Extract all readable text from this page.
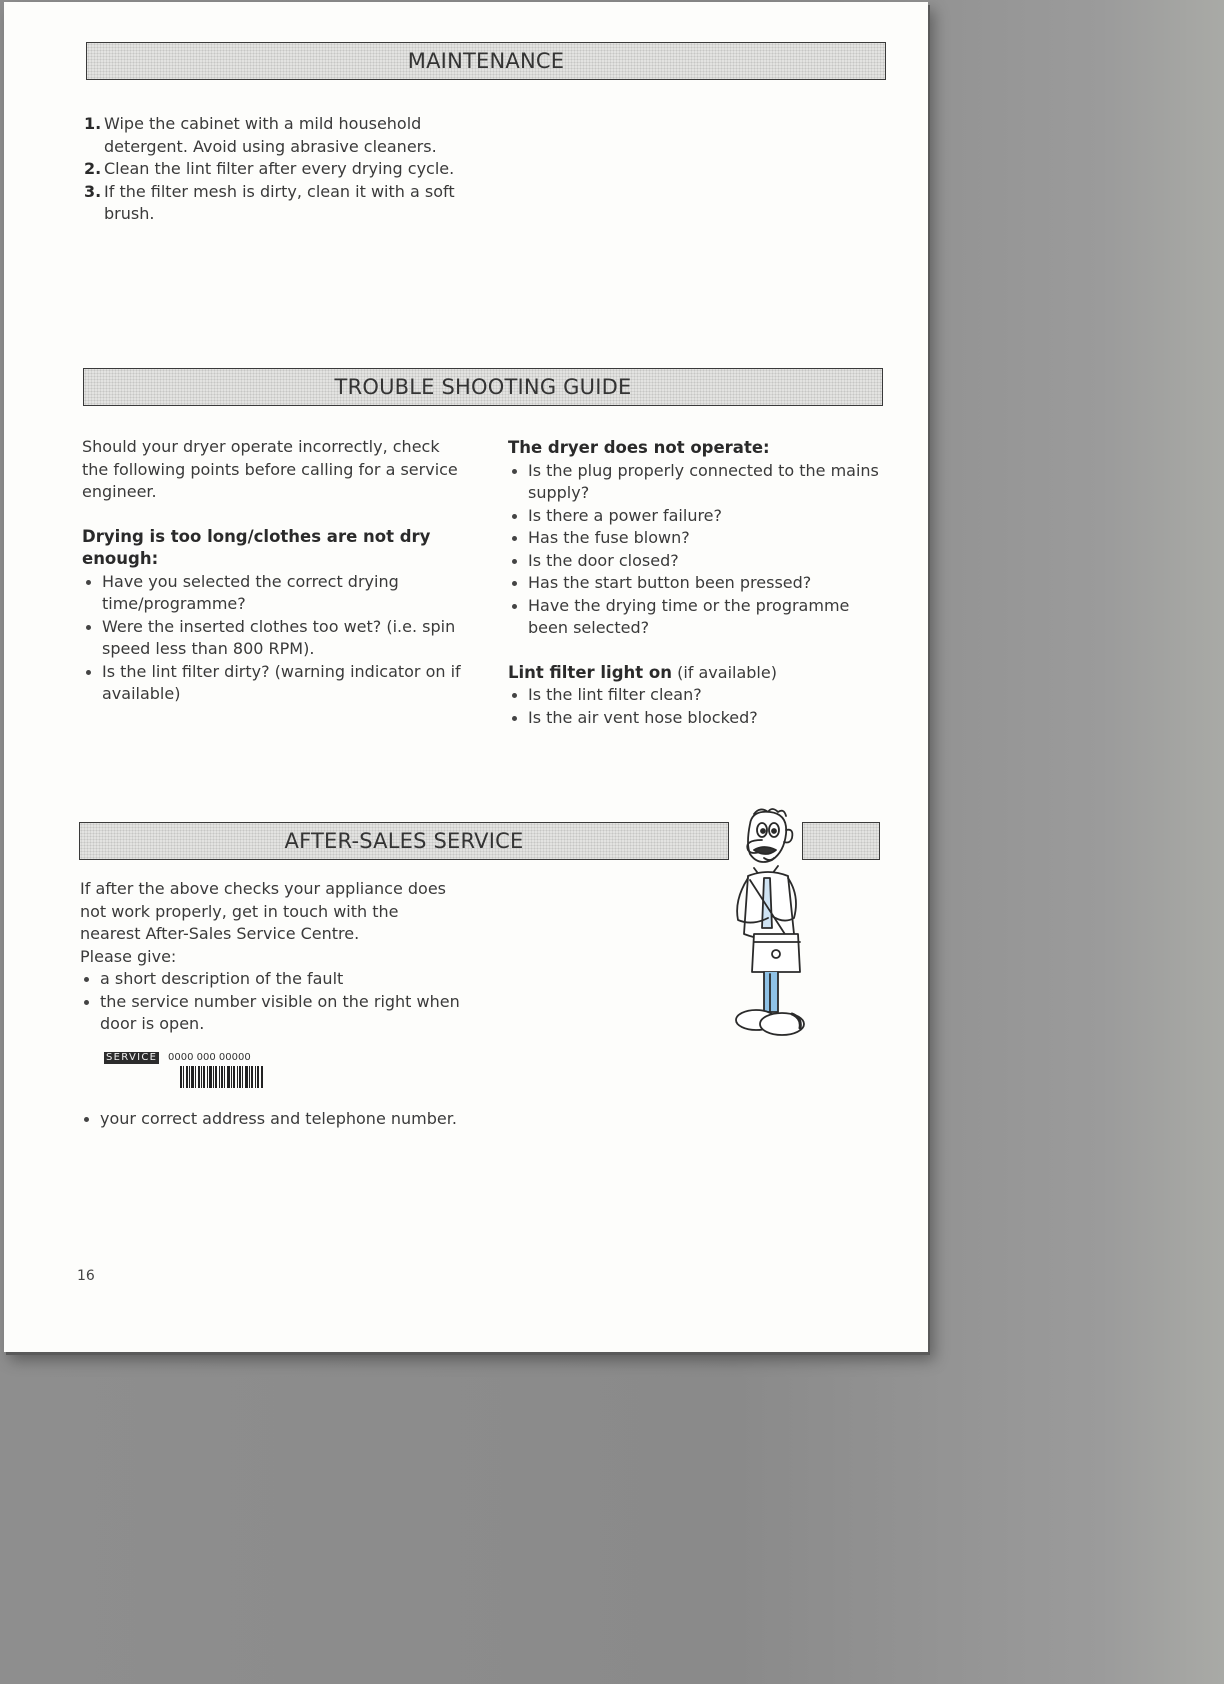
MAINTENANCE
1. Wipe the cabinet with a mild household detergent. Avoid using abrasive cleaners.
2. Clean the lint filter after every drying cycle.
3. If the filter mesh is dirty, clean it with a soft brush.
TROUBLE SHOOTING GUIDE

Should your dryer operate incorrectly, check the following points before calling for a service engineer.

Drying is too long/clothes are not dry enough:

Have you selected the correct drying time/programme?
Were the inserted clothes too wet? (i.e. spin speed less than 800 RPM).
Is the lint filter dirty? (warning indicator on if available)

The dryer does not operate:

Is the plug properly connected to the mains supply?
Is there a power failure?
Has the fuse blown?
Is the door closed?
Has the start button been pressed?
Have the drying time or the programme been selected?

Lint filter light on (if available)

Is the lint filter clean?
Is the air vent hose blocked?
AFTER-SALES SERVICE

If after the above checks your appliance does not work properly, get in touch with the nearest After-Sales Service Centre.

Please give:

a short description of the fault
the service number visible on the right when door is open.
SERVICE 0000 000 00000
your correct address and telephone number.
16
